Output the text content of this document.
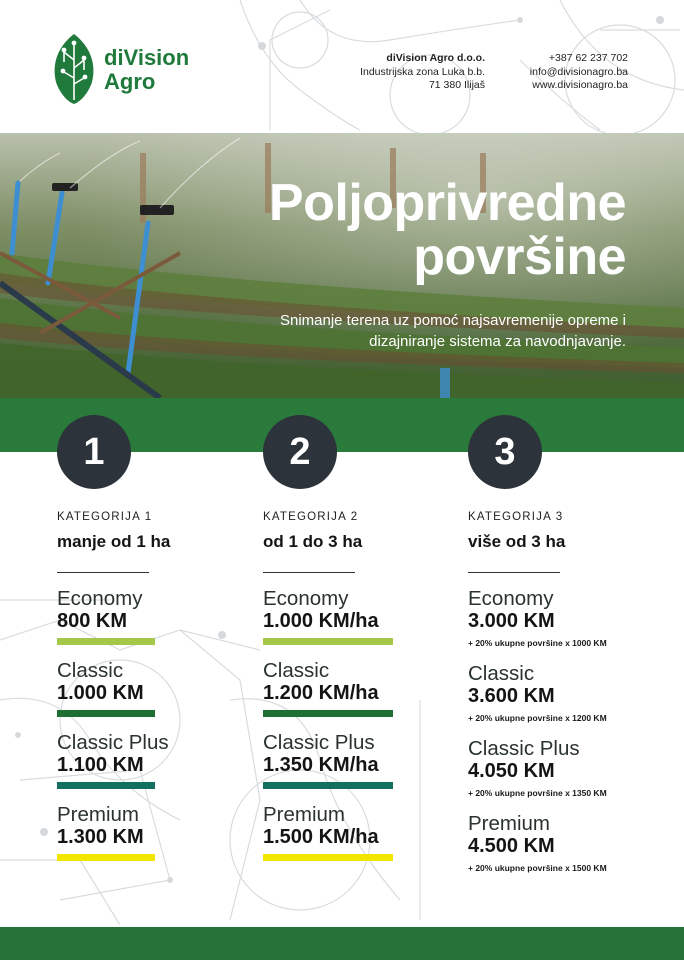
diVision
Agro
diVision Agro d.o.o.
Industrijska zona Luka b.b.
71 380 Ilijaš
+387 62 237 702
info@divisionagro.ba
www.divisionagro.ba
Poljoprivredne
površine
Snimanje terena uz pomoć najsavremenije opreme i dizajniranje sistema za navodnjavanje.
1
KATEGORIJA 1
manje od 1 ha
Economy
800 KM
Classic
1.000 KM
Classic Plus
1.100 KM
Premium
1.300 KM
2
KATEGORIJA 2
od 1 do 3 ha
Economy
1.000 KM/ha
Classic
1.200 KM/ha
Classic Plus
1.350 KM/ha
Premium
1.500 KM/ha
3
KATEGORIJA 3
više od 3 ha
Economy
3.000 KM
+ 20% ukupne površine x 1000 KM
Classic
3.600 KM
+ 20% ukupne površine x 1200 KM
Classic Plus
4.050 KM
+ 20% ukupne površine x 1350 KM
Premium
4.500 KM
+ 20% ukupne površine x 1500 KM
